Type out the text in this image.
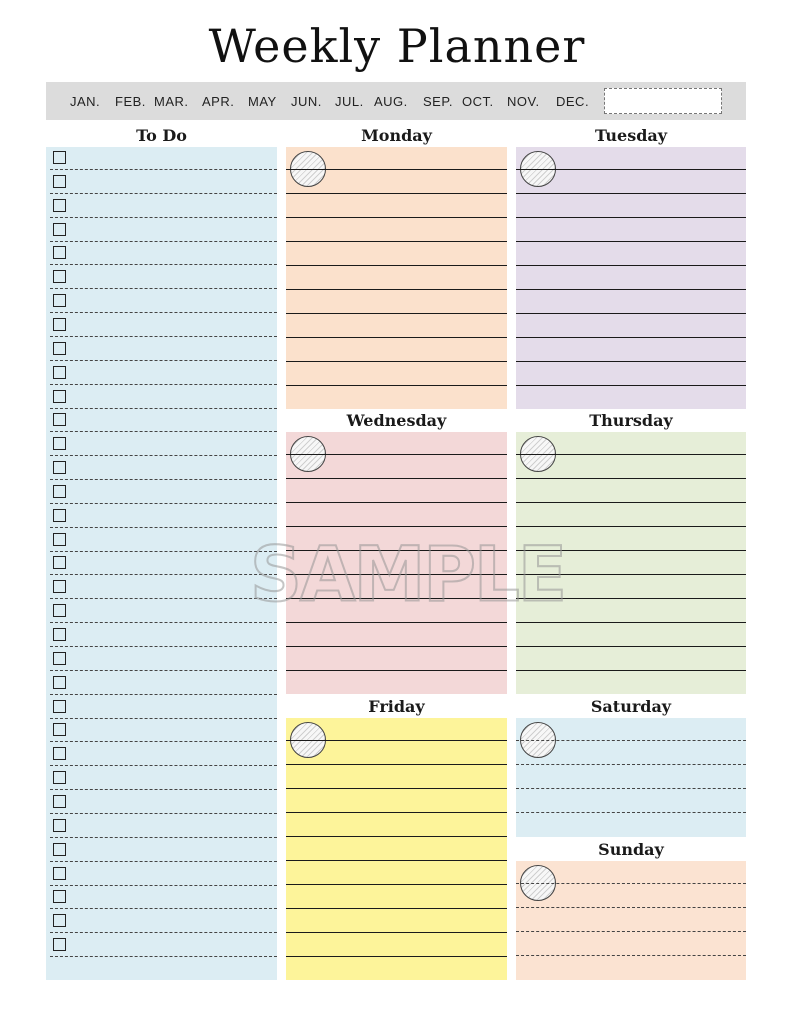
Weekly Planner
JAN. FEB. MAR. APR. MAY JUN. JUL. AUG. SEP. OCT. NOV. DEC.
To Do	Monday	Tuesday
Wednesday	Thursday
Friday	Saturday
Sunday
